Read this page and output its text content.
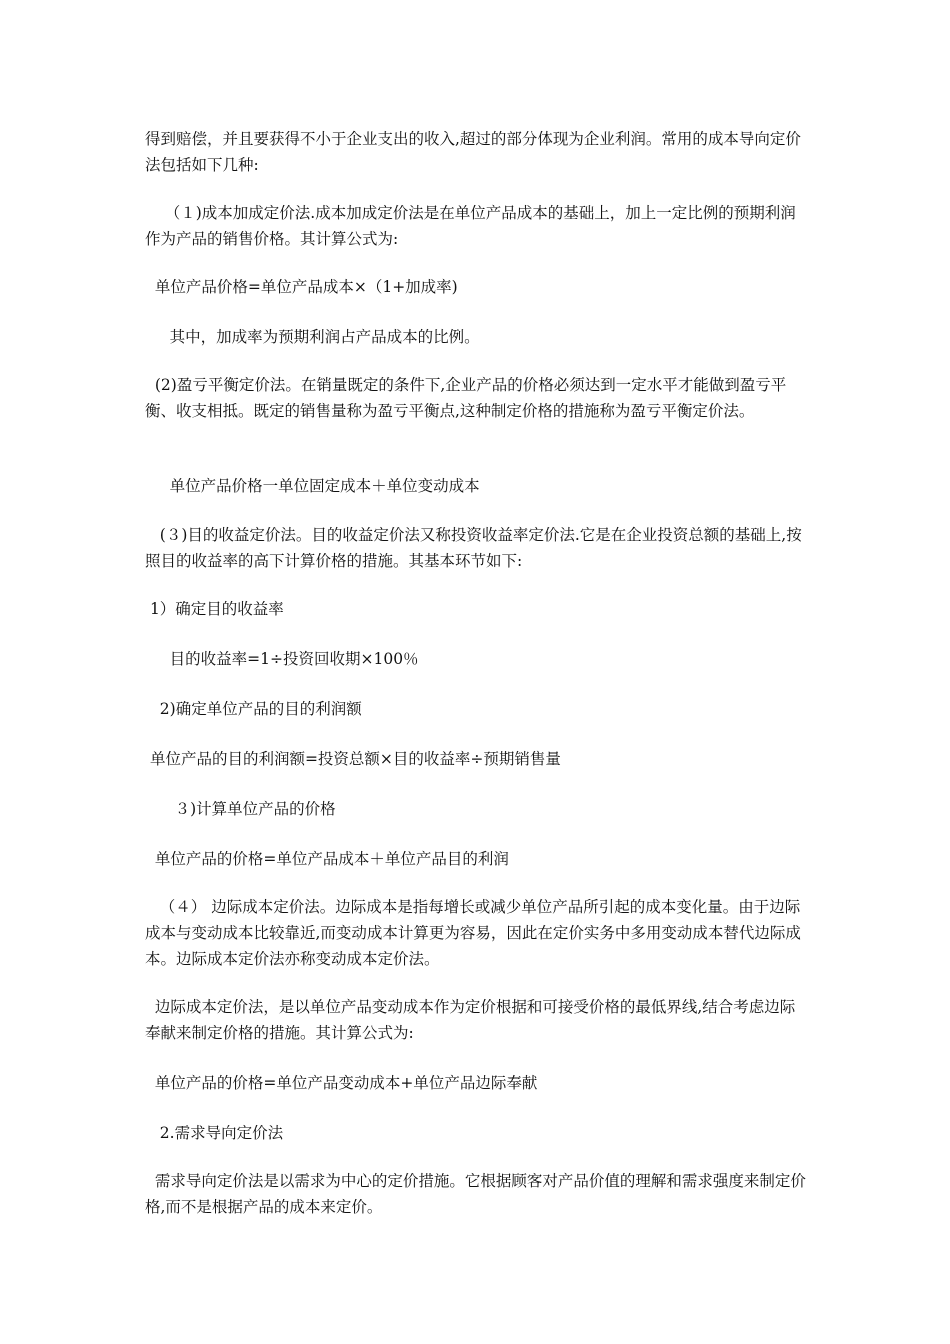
得到赔偿，并且要获得不小于企业支出的收入,超过的部分体现为企业利润。常用的成本导向定价法包括如下几种:
（１)成本加成定价法.成本加成定价法是在单位产品成本的基础上，加上一定比例的预期利润作为产品的销售价格。其计算公式为:
单位产品价格=单位产品成本×（1+加成率)
其中，加成率为预期利润占产品成本的比例。
(2)盈亏平衡定价法。在销量既定的条件下,企业产品的价格必须达到一定水平才能做到盈亏平衡、收支相抵。既定的销售量称为盈亏平衡点,这种制定价格的措施称为盈亏平衡定价法。
单位产品价格一单位固定成本＋单位变动成本
(３)目的收益定价法。目的收益定价法又称投资收益率定价法.它是在企业投资总额的基础上,按照目的收益率的高下计算价格的措施。其基本环节如下:
1）确定目的收益率
目的收益率=1÷投资回收期×100％
2)确定单位产品的目的利润额
单位产品的目的利润额=投资总额×目的收益率÷预期销售量
３)计算单位产品的价格
单位产品的价格=单位产品成本＋单位产品目的利润
（４） 边际成本定价法。边际成本是指每增长或减少单位产品所引起的成本变化量。由于边际成本与变动成本比较靠近,而变动成本计算更为容易，因此在定价实务中多用变动成本替代边际成本。边际成本定价法亦称变动成本定价法。
边际成本定价法，是以单位产品变动成本作为定价根据和可接受价格的最低界线,结合考虑边际奉献来制定价格的措施。其计算公式为:
单位产品的价格=单位产品变动成本+单位产品边际奉献
2.需求导向定价法
需求导向定价法是以需求为中心的定价措施。它根据顾客对产品价值的理解和需求强度来制定价格,而不是根据产品的成本来定价。
